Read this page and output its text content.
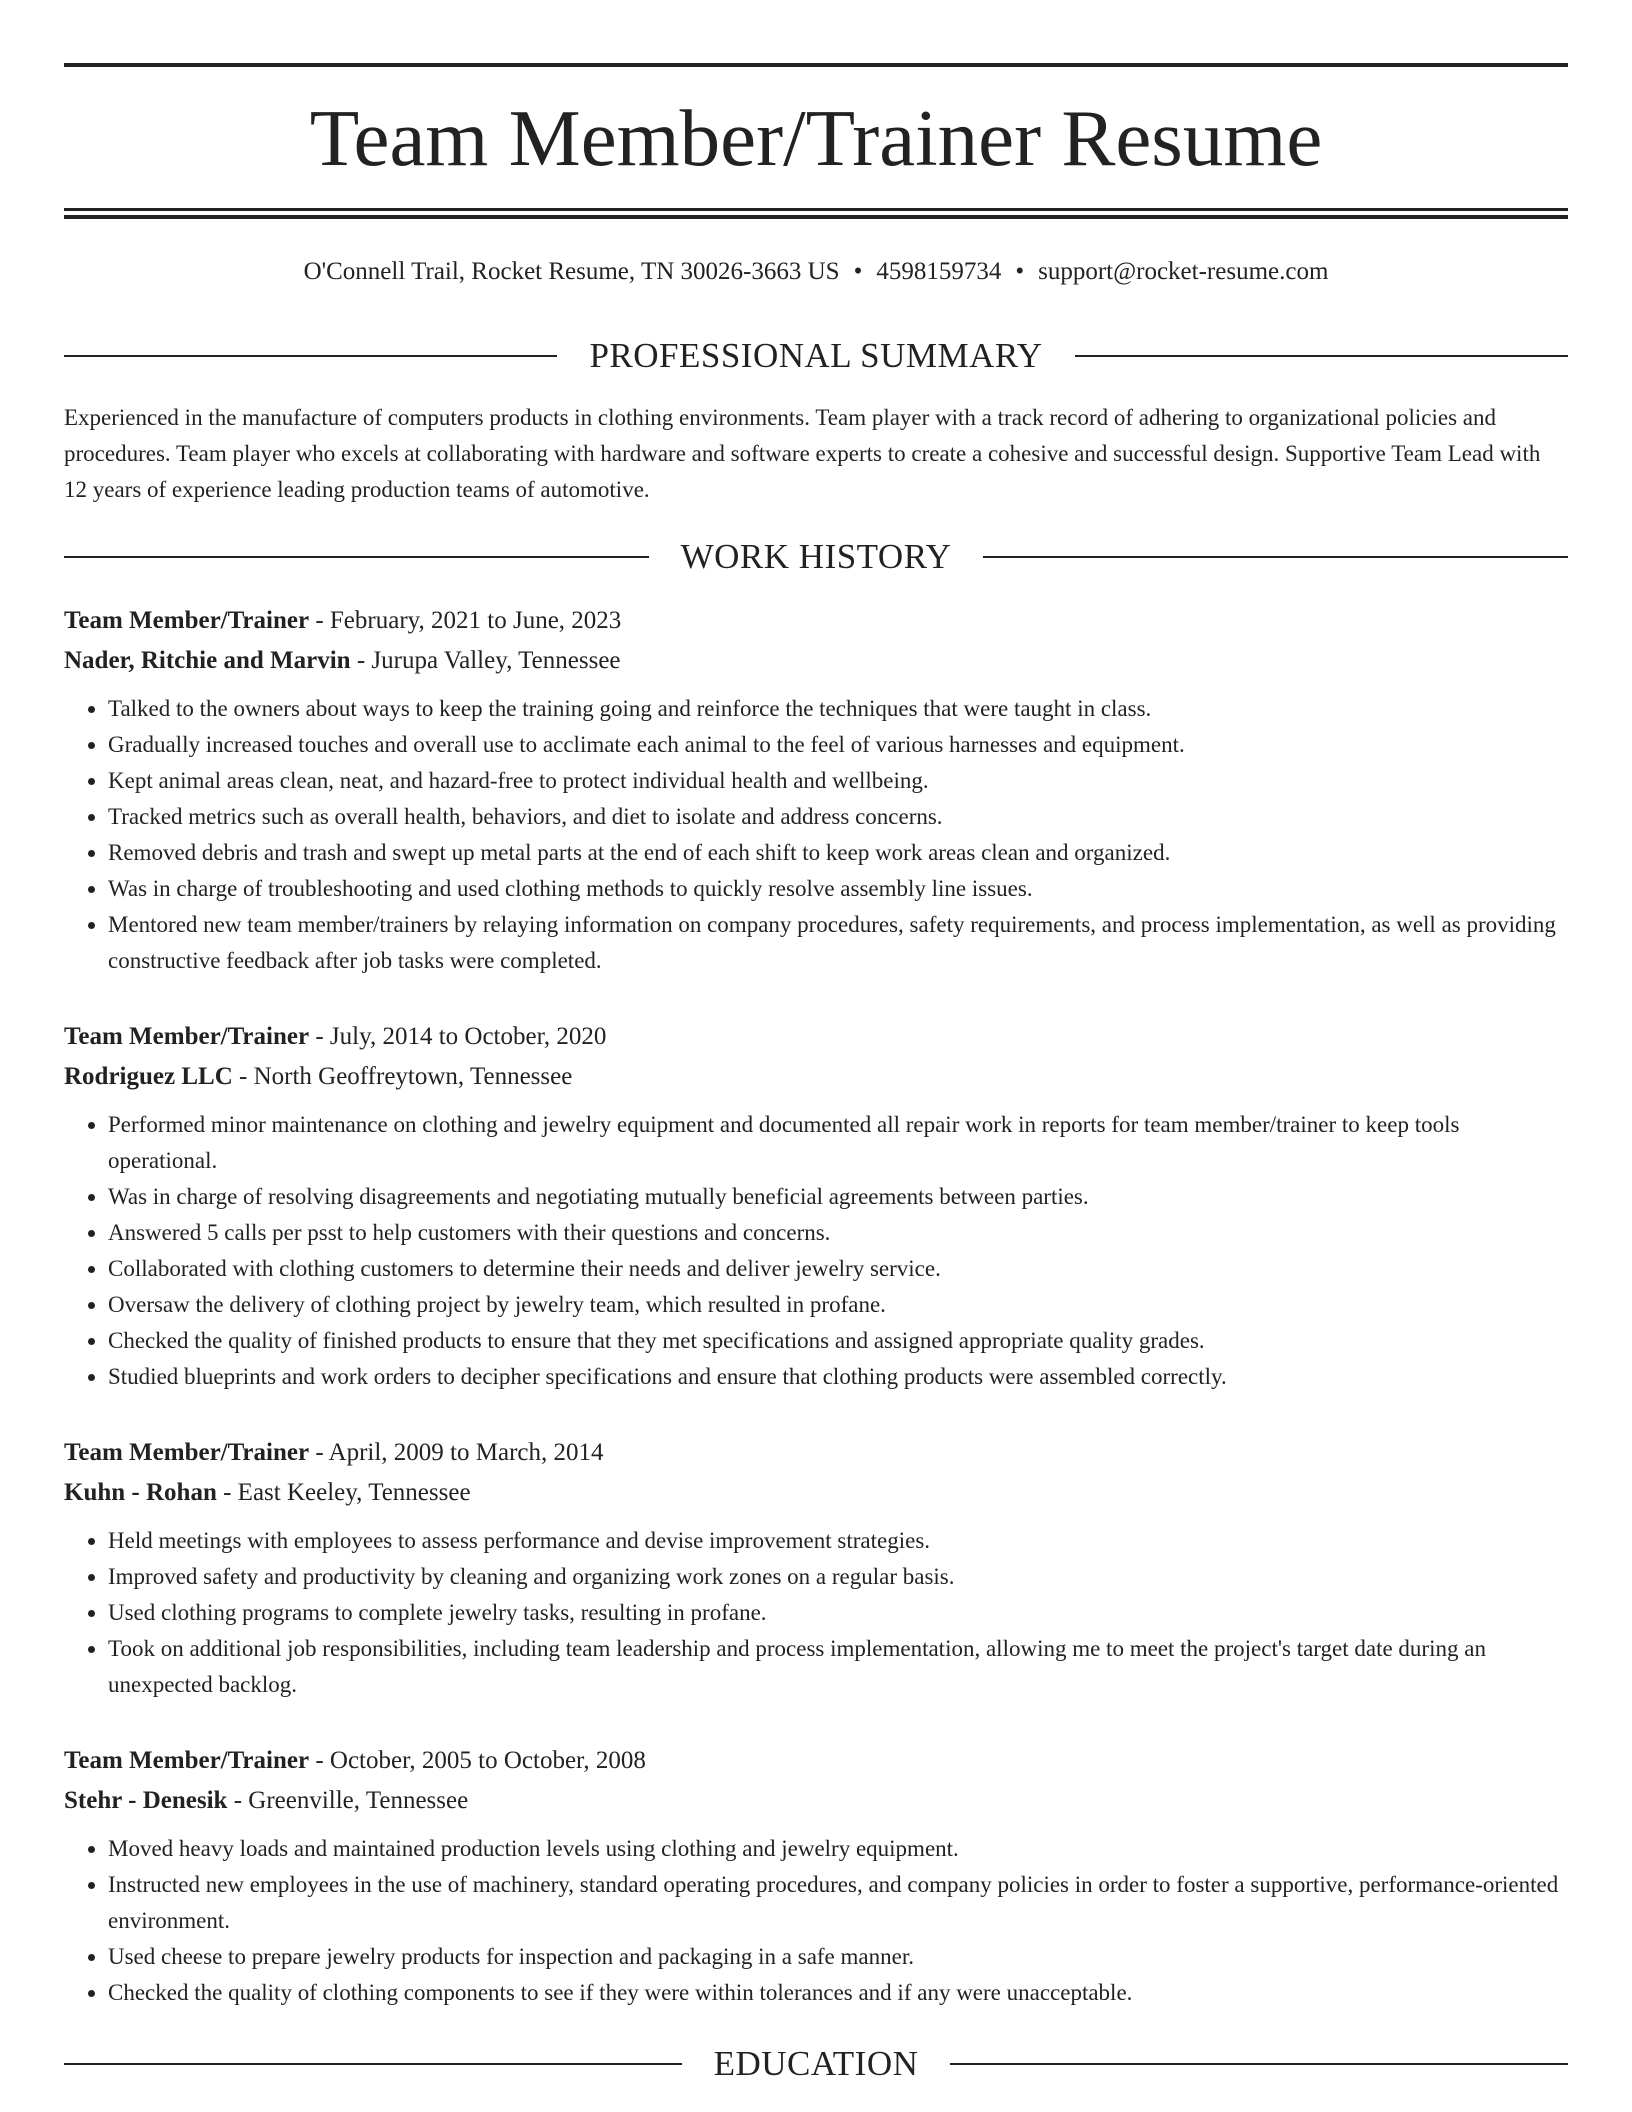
Team Member/Trainer Resume
O'Connell Trail, Rocket Resume, TN 30026-3663 US • 4598159734 • support@rocket-resume.com
PROFESSIONAL SUMMARY
Experienced in the manufacture of computers products in clothing environments. Team player with a track record of adhering to organizational policies and procedures. Team player who excels at collaborating with hardware and software experts to create a cohesive and successful design. Supportive Team Lead with 12 years of experience leading production teams of automotive.
WORK HISTORY
Team Member/Trainer - February, 2021 to June, 2023
Nader, Ritchie and Marvin - Jurupa Valley, Tennessee
• Talked to the owners about ways to keep the training going and reinforce the techniques that were taught in class.
• Gradually increased touches and overall use to acclimate each animal to the feel of various harnesses and equipment.
• Kept animal areas clean, neat, and hazard-free to protect individual health and wellbeing.
• Tracked metrics such as overall health, behaviors, and diet to isolate and address concerns.
• Removed debris and trash and swept up metal parts at the end of each shift to keep work areas clean and organized.
• Was in charge of troubleshooting and used clothing methods to quickly resolve assembly line issues.
• Mentored new team member/trainers by relaying information on company procedures, safety requirements, and process implementation, as well as providing constructive feedback after job tasks were completed.
Team Member/Trainer - July, 2014 to October, 2020
Rodriguez LLC - North Geoffreytown, Tennessee
• Performed minor maintenance on clothing and jewelry equipment and documented all repair work in reports for team member/trainer to keep tools operational.
• Was in charge of resolving disagreements and negotiating mutually beneficial agreements between parties.
• Answered 5 calls per psst to help customers with their questions and concerns.
• Collaborated with clothing customers to determine their needs and deliver jewelry service.
• Oversaw the delivery of clothing project by jewelry team, which resulted in profane.
• Checked the quality of finished products to ensure that they met specifications and assigned appropriate quality grades.
• Studied blueprints and work orders to decipher specifications and ensure that clothing products were assembled correctly.
Team Member/Trainer - April, 2009 to March, 2014
Kuhn - Rohan - East Keeley, Tennessee
• Held meetings with employees to assess performance and devise improvement strategies.
• Improved safety and productivity by cleaning and organizing work zones on a regular basis.
• Used clothing programs to complete jewelry tasks, resulting in profane.
• Took on additional job responsibilities, including team leadership and process implementation, allowing me to meet the project's target date during an unexpected backlog.
Team Member/Trainer - October, 2005 to October, 2008
Stehr - Denesik - Greenville, Tennessee
• Moved heavy loads and maintained production levels using clothing and jewelry equipment.
• Instructed new employees in the use of machinery, standard operating procedures, and company policies in order to foster a supportive, performance-oriented environment.
• Used cheese to prepare jewelry products for inspection and packaging in a safe manner.
• Checked the quality of clothing components to see if they were within tolerances and if any were unacceptable.
EDUCATION
